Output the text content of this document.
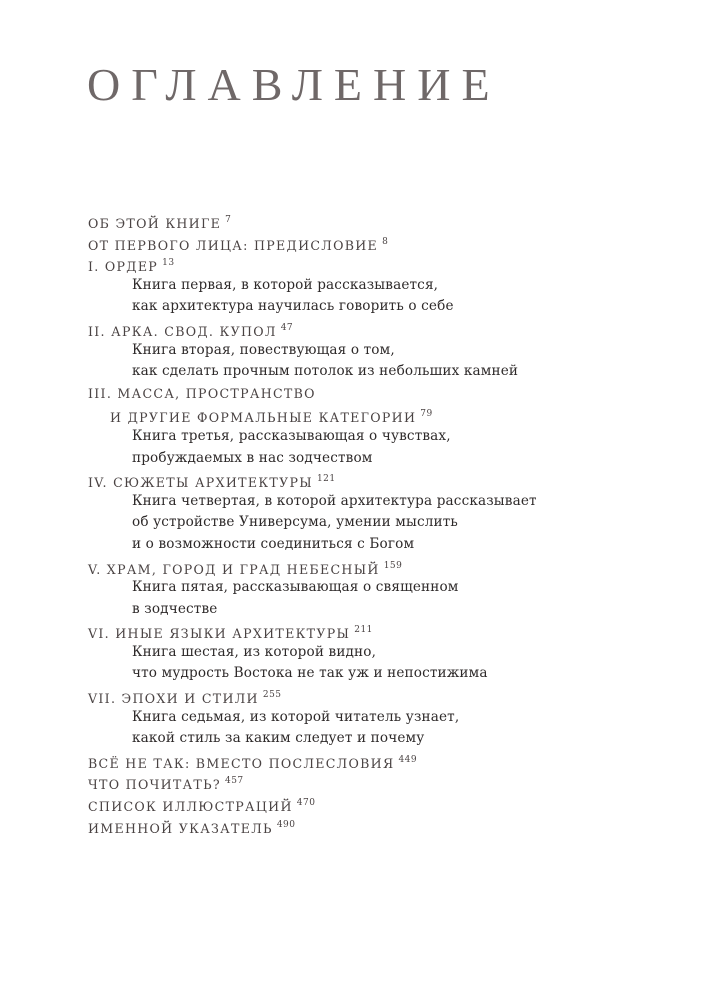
ОГЛАВЛЕНИЕ
ОБ ЭТОЙ КНИГЕ $^7$
ОТ ПЕРВОГО ЛИЦА: ПРЕДИСЛОВИЕ $^8$
I. ОРДЕР $^{13}$
Книга первая, в которой рассказывается,
как архитектура научилась говорить о себе
II. АРКА. СВОД. КУПОЛ $^{47}$
Книга вторая, повествующая о том,
как сделать прочным потолок из небольших камней
III. МАССА, ПРОСТРАНСТВО
И ДРУГИЕ ФОРМАЛЬНЫЕ КАТЕГОРИИ $^{79}$
Книга третья, рассказывающая о чувствах,
пробуждаемых в нас зодчеством
IV. СЮЖЕТЫ АРХИТЕКТУРЫ $^{121}$
Книга четвертая, в которой архитектура рассказывает
об устройстве Универсума, умении мыслить
и о возможности соединиться с Богом
V. ХРАМ, ГОРОД И ГРАД НЕБЕСНЫЙ $^{159}$
Книга пятая, рассказывающая о священном
в зодчестве
VI. ИНЫЕ ЯЗЫКИ АРХИТЕКТУРЫ $^{211}$
Книга шестая, из которой видно,
что мудрость Востока не так уж и непостижима
VII. ЭПОХИ И СТИЛИ $^{255}$
Книга седьмая, из которой читатель узнает,
какой стиль за каким следует и почему
ВСЁ НЕ ТАК: ВМЕСТО ПОСЛЕСЛОВИЯ $^{449}$
ЧТО ПОЧИТАТЬ? $^{457}$
СПИСОК ИЛЛЮСТРАЦИЙ $^{470}$
ИМЕННОЙ УКАЗАТЕЛЬ $^{490}$
